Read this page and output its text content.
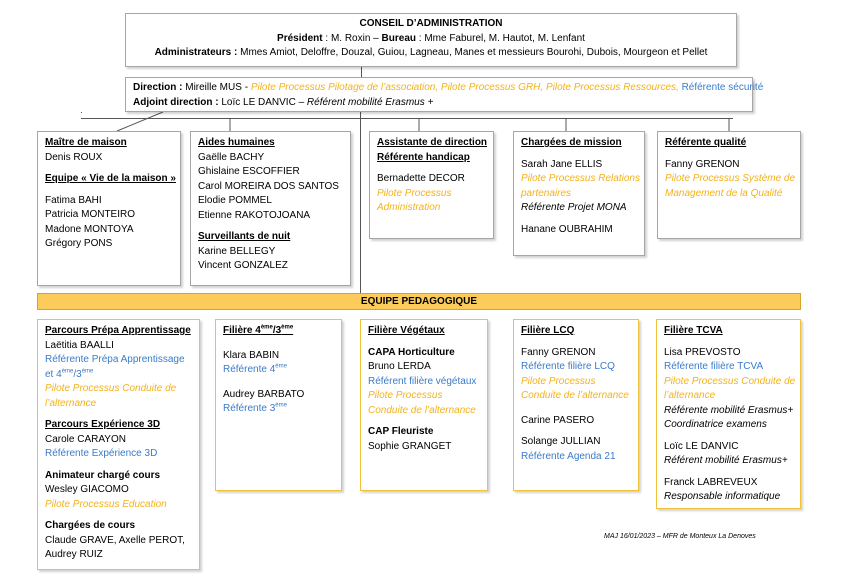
CONSEIL D’ADMINISTRATION
Président : M. Roxin – Bureau : Mme Faburel, M. Hautot, M. Lenfant
Administrateurs : Mmes Amiot, Deloffre, Douzal, Guiou, Lagneau, Manes et messieurs Bourohi, Dubois, Mourgeon et Pellet
Direction : Mireille MUS - Pilote Processus Pilotage de l’association, Pilote Processus GRH, Pilote Processus Ressources, Référente sécurité
Adjoint direction : Loïc LE DANVIC – Référent mobilité Erasmus +
Maître de maison
Denis ROUX
Equipe « Vie de la maison »
Fatima BAHI
Patricia MONTEIRO
Madone MONTOYA
Grégory PONS
Aides humaines
Gaëlle BACHY
Ghislaine ESCOFFIER
Carol MOREIRA DOS SANTOS
Elodie POMMEL
Etienne RAKOTOJOANA
Surveillants de nuit
Karine BELLEGY
Vincent GONZALEZ
Assistante de direction
Référente handicap
Bernadette DECOR
Pilote Processus
Administration
Chargées de mission
Sarah Jane ELLIS
Pilote Processus Relations
partenaires
Référente Projet MONA
Hanane OUBRAHIM
Référente qualité
Fanny GRENON
Pilote Processus Système de
Management de la Qualité
EQUIPE PEDAGOGIQUE
Parcours Prépa Apprentissage
Laëtitia BAALLI
Référente Prépa Apprentissage
et 4ème/3ème
Pilote Processus Conduite de
l’alternance
Parcours Expérience 3D
Carole CARAYON
Référente Expérience 3D
Animateur chargé cours
Wesley GIACOMO
Pilote Processus Education
Chargées de cours
Claude GRAVE, Axelle PEROT,
Audrey RUIZ
Filière 4ème/3ème
Klara BABIN
Référente 4ème
Audrey BARBATO
Référente 3ème
Filière Végétaux
CAPA Horticulture
Bruno LERDA
Référent filière végétaux
Pilote Processus
Conduite de l’alternance
CAP Fleuriste
Sophie GRANGET
Filière LCQ
Fanny GRENON
Référente filière LCQ
Pilote Processus
Conduite de l’alternance
Carine PASERO
Solange JULLIAN
Référente Agenda 21
Filière TCVA
Lisa PREVOSTO
Référente filière TCVA
Pilote Processus Conduite de
l’alternance
Référente mobilité Erasmus+
Coordinatrice examens
Loïc LE DANVIC
Référent mobilité Erasmus+
Franck LABREVEUX
Responsable informatique
MAJ 16/01/2023 – MFR de Monteux La Denoves
